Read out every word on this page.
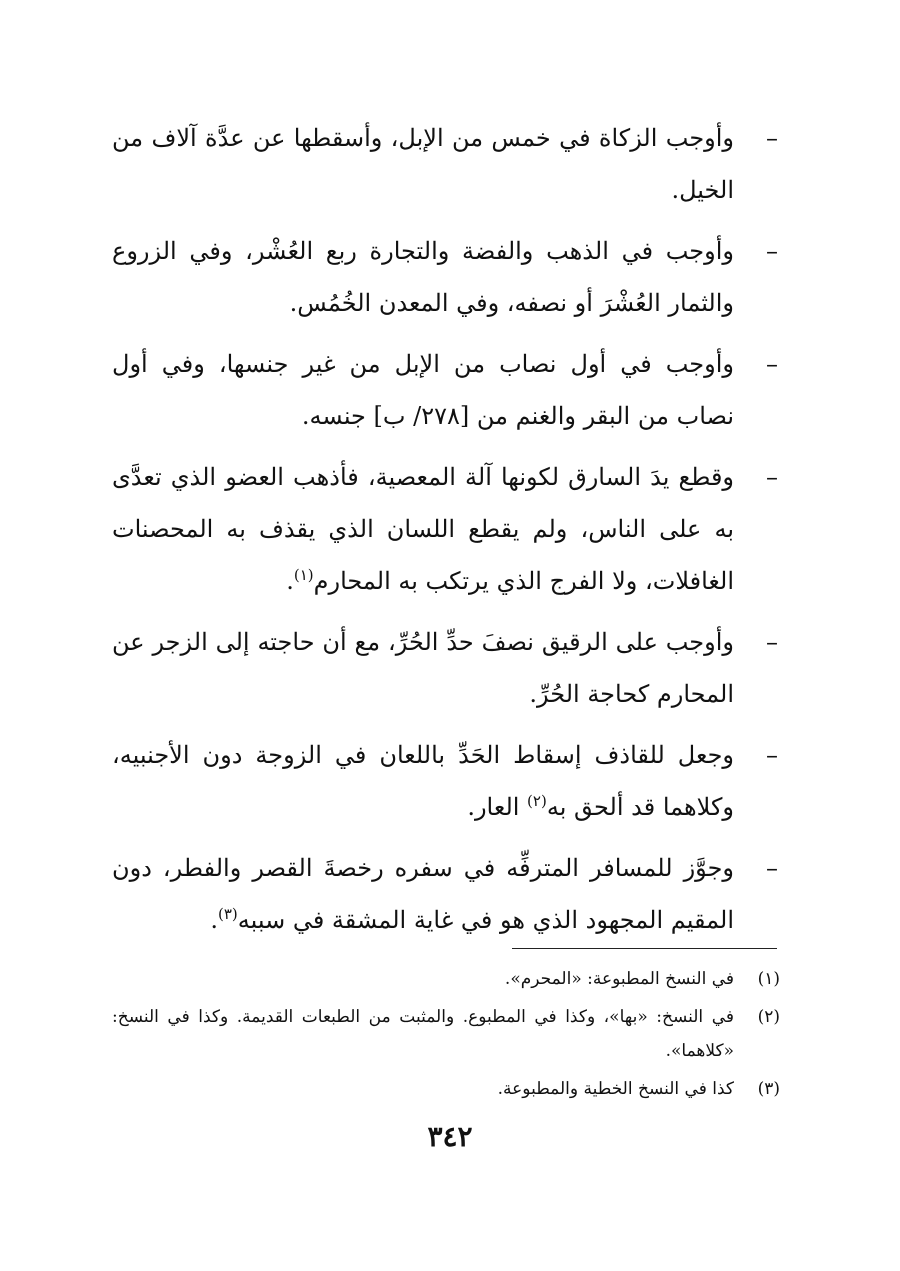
–
وأوجب الزكاة في خمس من الإبل، وأسقطها عن عدَّة آلاف من الخيل.
–
وأوجب في الذهب والفضة والتجارة ربع العُشْر، وفي الزروع والثمار العُشْرَ أو نصفه، وفي المعدن الخُمُس.
–
وأوجب في أول نصاب من الإبل من غير جنسها، وفي أول نصاب من البقر والغنم من [٢٧٨/ ب] جنسه.
–
وقطع يدَ السارق لكونها آلة المعصية، فأذهب العضو الذي تعدَّى به على الناس، ولم يقطع اللسان الذي يقذف به المحصنات الغافلات، ولا الفرج الذي يرتكب به المحارم$^{(١)}$.
–
وأوجب على الرقيق نصفَ حدِّ الحُرِّ، مع أن حاجته إلى الزجر عن المحارم كحاجة الحُرِّ.
–
وجعل للقاذف إسقاط الحَدِّ باللعان في الزوجة دون الأجنبيه، وكلاهما قد ألحق به$^{(٢)}$ العار.
–
وجوَّز للمسافر المترفِّه في سفره رخصةَ القصر والفطر، دون المقيم المجهود الذي هو في غاية المشقة في سببه$^{(٣)}$.
(١)
في النسخ المطبوعة: «المحرم».
(٢)
في النسخ: «بها»، وكذا في المطبوع. والمثبت من الطبعات القديمة. وكذا في النسخ: «كلاهما».
(٣)
كذا في النسخ الخطية والمطبوعة.
٣٤٢
